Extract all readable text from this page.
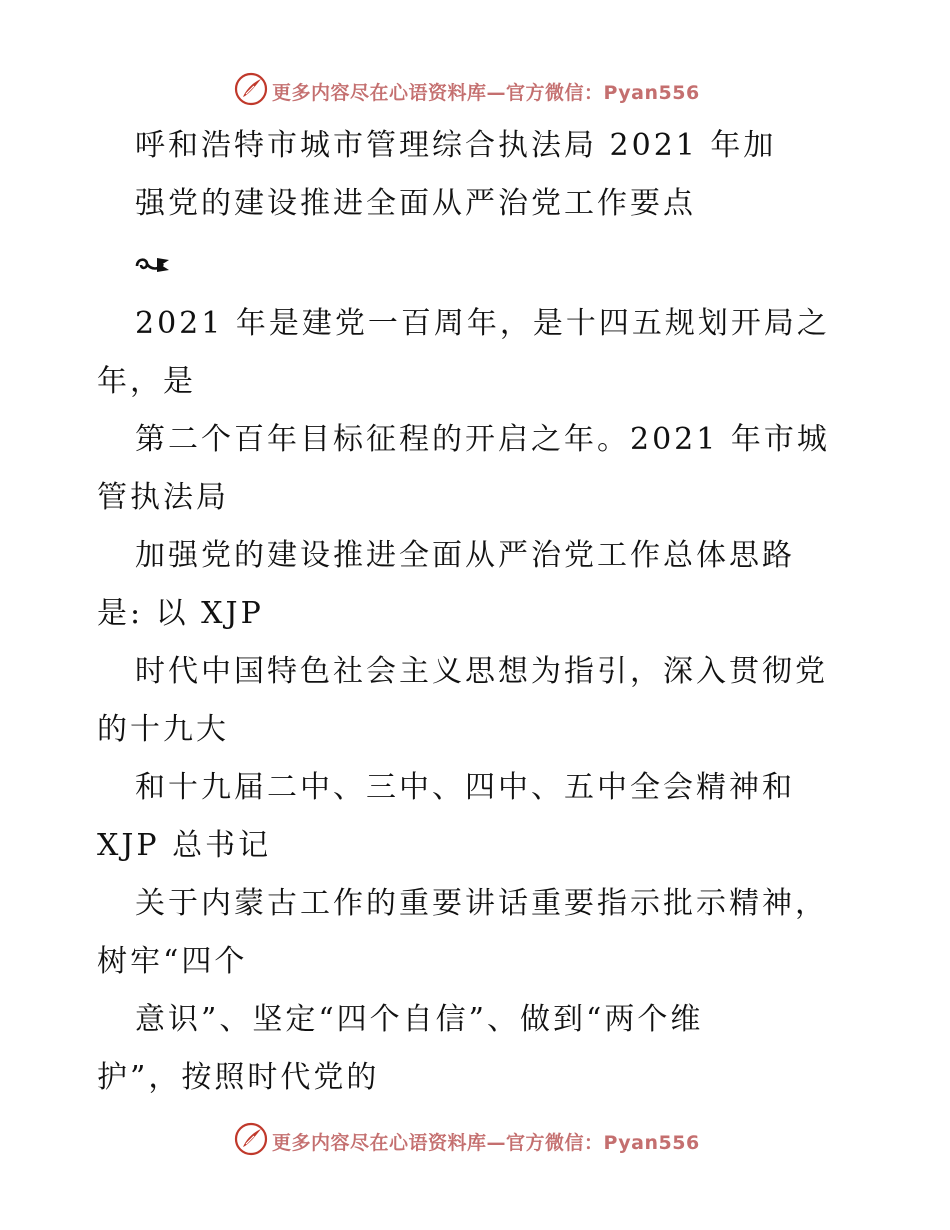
更多内容尽在心语资料库—官方微信：Pyan556
呼和浩特市城市管理综合执法局 2021 年加
强党的建设推进全面从严治党工作要点
2021 年是建党一百周年，是十四五规划开局之
年，是
第二个百年目标征程的开启之年。2021 年市城
管执法局
加强党的建设推进全面从严治党工作总体思路
是: 以 XJP
时代中国特色社会主义思想为指引，深入贯彻党
的十九大
和十九届二中、三中、四中、五中全会精神和
XJP 总书记
关于内蒙古工作的重要讲话重要指示批示精神，
树牢“四个
意识”、坚定“四个自信”、做到“两个维
护”，按照时代党的
更多内容尽在心语资料库—官方微信：Pyan556
